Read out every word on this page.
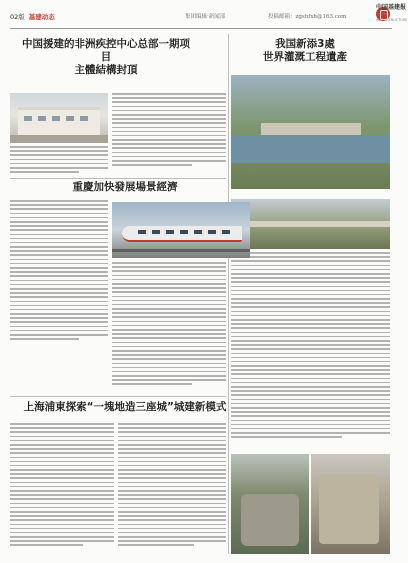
02版 基建动态	集团编辑·新闻部	投稿邮箱：zgshfxh@163.com
中国基建报
CHINA INFRASTRUCTURE
中国援建的非洲疾控中心总部一期项目
主體結構封頂
我国新添3處
世界灌溉工程遺產
重慶加快發展場景經濟
上海浦東探索“一塊地造三座城”城建新模式
